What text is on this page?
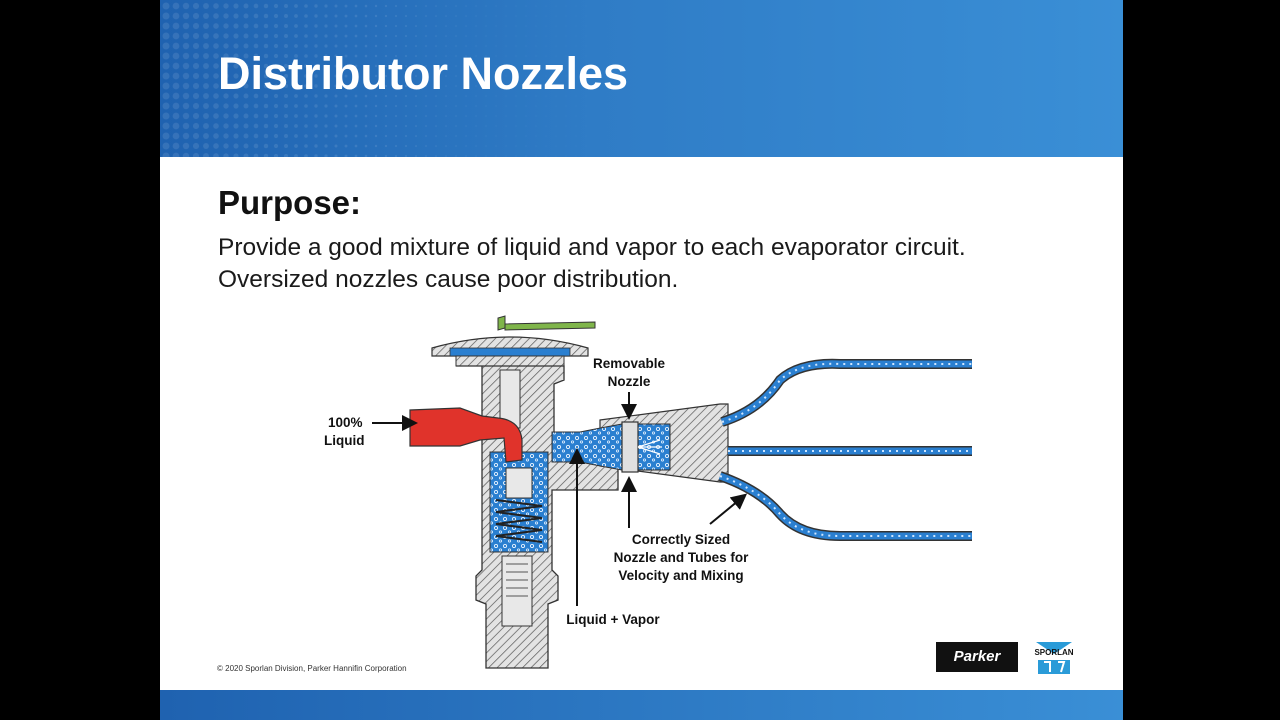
Distributor Nozzles
Purpose:

Provide a good mixture of liquid and vapor to each evaporator circuit.

Oversized nozzles cause poor distribution.

100%
Liquid
Removable
Nozzle
Correctly Sized
Nozzle and Tubes for
Velocity and Mixing
Liquid + Vapor

© 2020 Sporlan Division, Parker Hannifin Corporation

Parker	SPORLAN
